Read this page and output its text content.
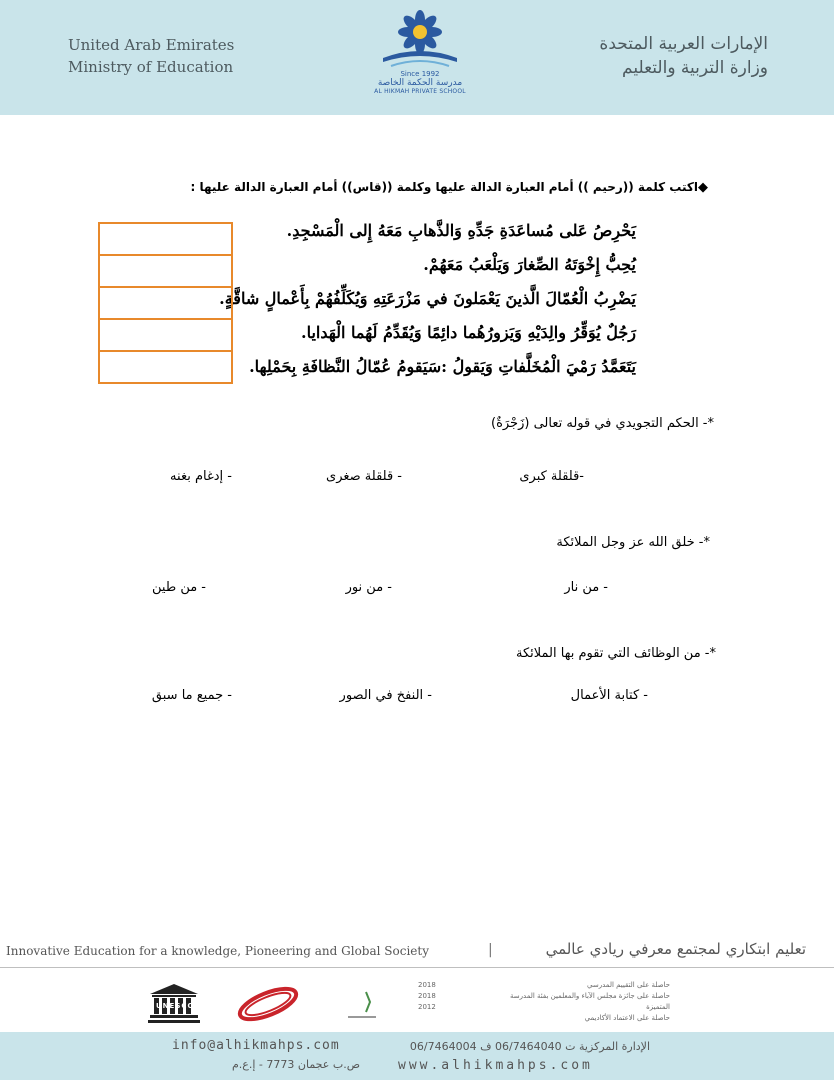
United Arab Emirates
Ministry of Education	Since 1992
مدرسة الحكمة الخاصة
AL HIKMAH PRIVATE SCHOOL
الإمارات العربية المتحدة
وزارة التربية والتعليم
◆اكتب كلمة ((رحيم )) أمام العبارة الدالة عليها وكلمة ((قاس)) أمام العبارة الدالة عليها :
يَحْرِصُ عَلى مُساعَدَةِ جَدِّهِ وَالذَّهابِ مَعَهُ إِلى الْمَسْجِدِ.
يُحِبُّ إِخْوَتَهُ الصِّغارَ وَيَلْعَبُ مَعَهُمْ.
يَضْرِبُ الْعُمّالَ الَّذينَ يَعْمَلونَ في مَزْرَعَتِهِ وَيُكَلِّفُهُمْ بِأَعْمالٍ شاقَّةٍ.
رَجُلٌ يُوَقِّرُ والِدَيْهِ وَيَزورُهُما دائِمًا وَيُقَدِّمُ لَهُما الْهَدايا.
يَتَعَمَّدُ رَمْيَ الْمُخَلَّفاتِ وَيَقولُ :سَيَقومُ عُمّالُ النَّظافَةِ بِحَمْلِها.
*- الحكم التجويدي في قوله تعالى (زَجْرَةٌ)
-قلقلة كبرى
- قلقلة صغرى
- إدغام بغنه
*- خلق الله عز وجل الملائكة
- من نار
- من نور
- من طين
*- من الوظائف التي تقوم بها الملائكة
- كتابة الأعمال
- النفخ في الصور
- جميع ما سبق
Innovative Education for a knowledge, Pioneering and Global Society	|	تعليم ابتكاري لمجتمع معرفي ريادي عالمي
UNESCO
2018
2018
2012
حاصلة على التقييم المدرسي
حاصلة على جائزة مجلس الآباء والمعلمين بفئة المدرسة المتميزة
حاصلة على الاعتماد الأكاديمي
info@alhikmahps.com	الإدارة المركزية ت 06/7464040 ف 06/7464004
ص.ب عجمان 7773 - إ.ع.م	www.alhikmahps.com
